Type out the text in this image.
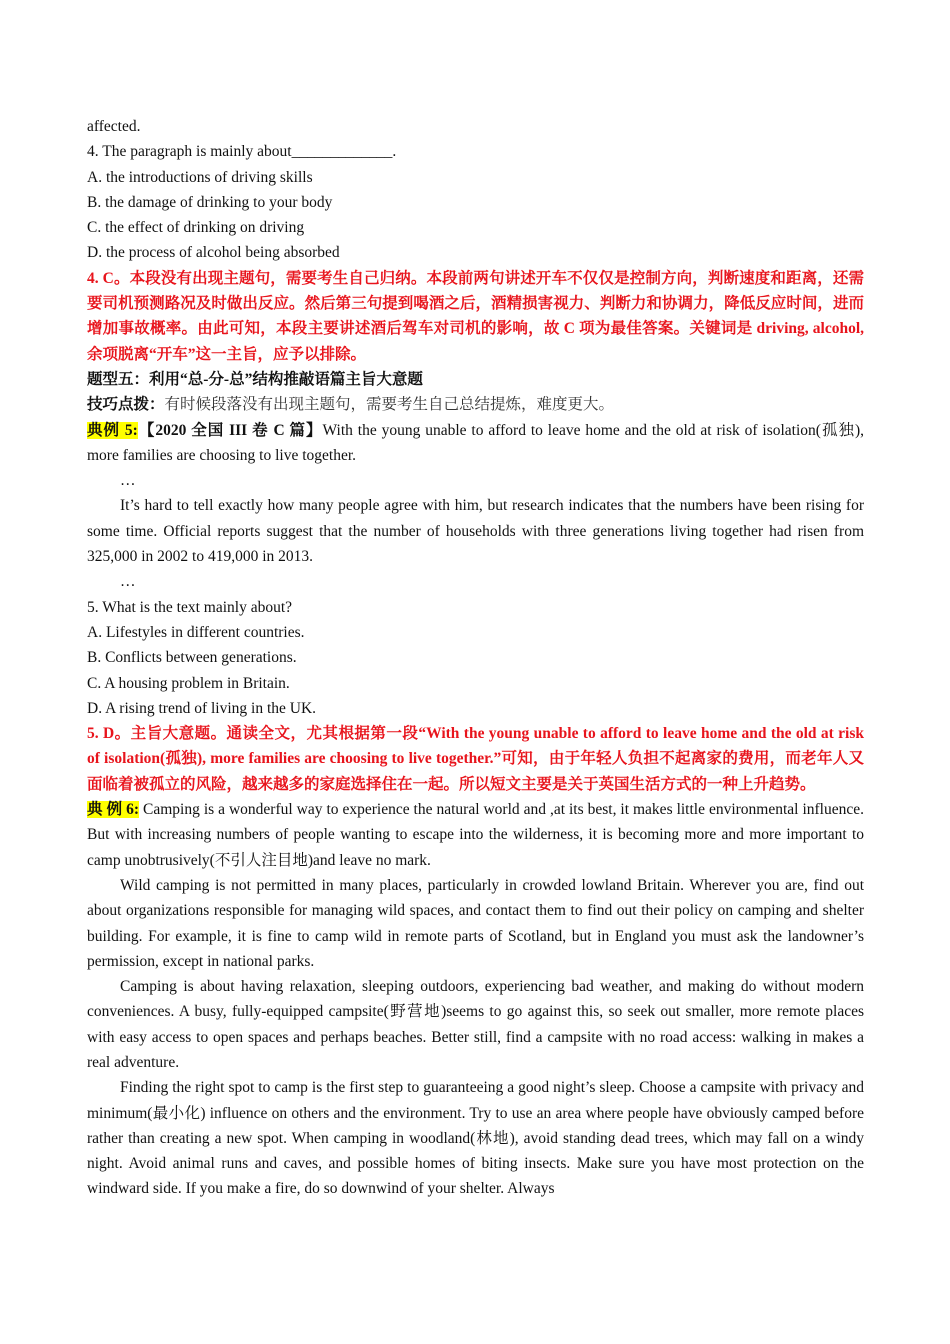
affected.

4. The paragraph is mainly about_____________.

A. the introductions of driving skills

B. the damage of drinking to your body

C. the effect of drinking on driving

D. the process of alcohol being absorbed

4. C。本段没有出现主题句，需要考生自己归纳。本段前两句讲述开车不仅仅是控制方向，判断速度和距离，还需要司机预测路况及时做出反应。然后第三句提到喝酒之后，酒精损害视力、判断力和协调力，降低反应时间，进而增加事故概率。由此可知，本段主要讲述酒后驾车对司机的影响，故 C 项为最佳答案。关键词是 driving, alcohol,余项脱离“开车”这一主旨，应予以排除。

题型五：利用“总-分-总”结构推敲语篇主旨大意题

技巧点拨：有时候段落没有出现主题句，需要考生自己总结提炼，难度更大。

典例 5:【2020 全国 III 卷 C 篇】With the young unable to afford to leave home and the old at risk of isolation(孤独), more families are choosing to live together.

…

It’s hard to tell exactly how many people agree with him, but research indicates that the numbers have been rising for some time. Official reports suggest that the number of households with three generations living together had risen from 325,000 in 2002 to 419,000 in 2013.

…

5. What is the text mainly about?

A. Lifestyles in different countries.

B. Conflicts between generations.

C. A housing problem in Britain.

D. A rising trend of living in the UK.

5. D。主旨大意题。通读全文，尤其根据第一段“With the young unable to afford to leave home and the old at risk of isolation(孤独), more families are choosing to live together.”可知，由于年轻人负担不起离家的费用，而老年人又面临着被孤立的风险，越来越多的家庭选择住在一起。所以短文主要是关于英国生活方式的一种上升趋势。

典 例 6: Camping is a wonderful way to experience the natural world and ,at its best, it makes little environmental influence. But with increasing numbers of people wanting to escape into the wilderness, it is becoming more and more important to camp unobtrusively(不引人注目地)and leave no mark.

Wild camping is not permitted in many places, particularly in crowded lowland Britain. Wherever you are, find out about organizations responsible for managing wild spaces, and contact them to find out their policy on camping and shelter building. For example, it is fine to camp wild in remote parts of Scotland, but in England you must ask the landowner’s permission, except in national parks.

Camping is about having relaxation, sleeping outdoors, experiencing bad weather, and making do without modern conveniences. A busy, fully-equipped campsite(野营地)seems to go against this, so seek out smaller, more remote places with easy access to open spaces and perhaps beaches. Better still, find a campsite with no road access: walking in makes a real adventure.

Finding the right spot to camp is the first step to guaranteeing a good night’s sleep. Choose a campsite with privacy and minimum(最小化) influence on others and the environment. Try to use an area where people have obviously camped before rather than creating a new spot. When camping in woodland(林地), avoid standing dead trees, which may fall on a windy night. Avoid animal runs and caves, and possible homes of biting insects. Make sure you have most protection on the windward side. If you make a fire, do so downwind of your shelter. Always
